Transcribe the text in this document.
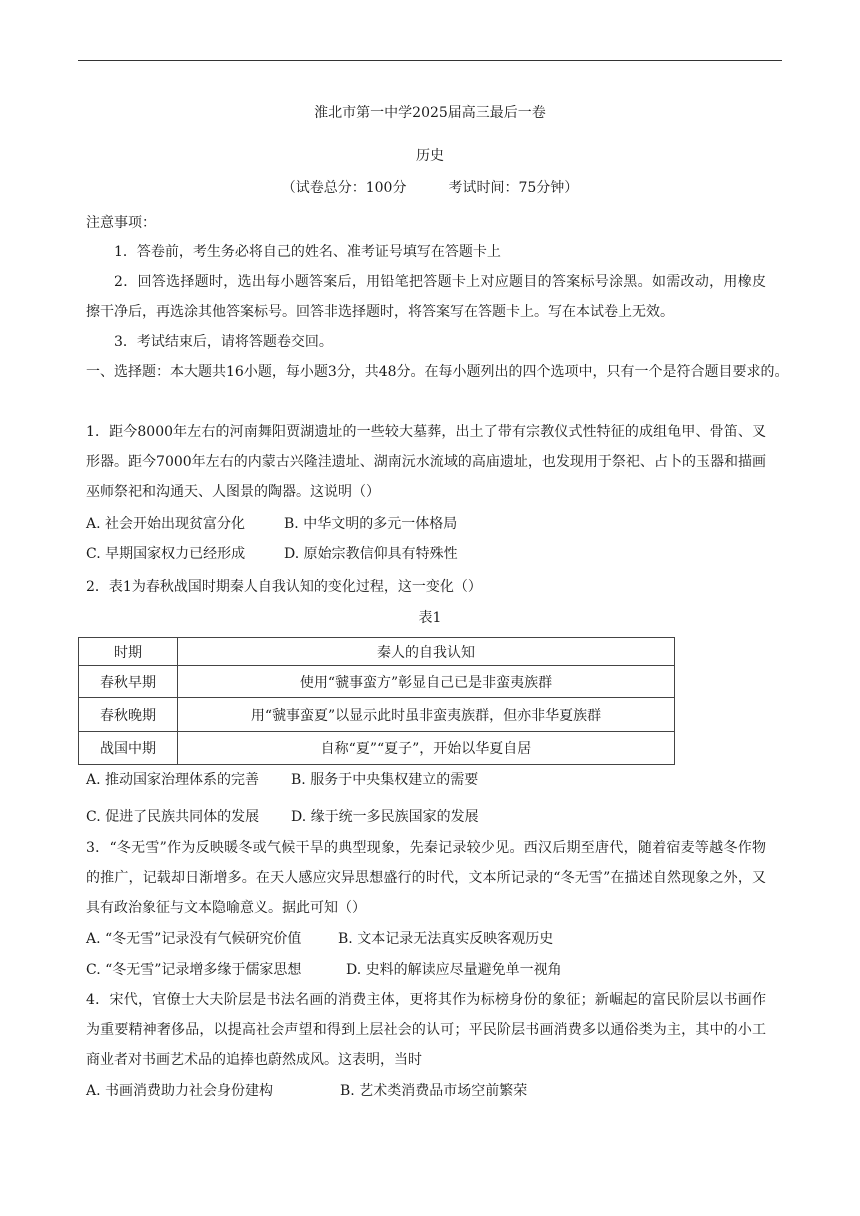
淮北市第一中学2025届高三最后一卷
历史
（试卷总分：100分　　　考试时间：75分钟）
注意事项：
1．答卷前，考生务必将自己的姓名、准考证号填写在答题卡上
2．回答选择题时，选出每小题答案后，用铅笔把答题卡上对应题目的答案标号涂黑。如需改动，用橡皮擦干净后，再选涂其他答案标号。回答非选择题时，将答案写在答题卡上。写在本试卷上无效。
3．考试结束后，请将答题卷交回。
一、选择题：本大题共16小题，每小题3分，共48分。在每小题列出的四个选项中，只有一个是符合题目要求的。
1．距今8000年左右的河南舞阳贾湖遗址的一些较大墓葬，出土了带有宗教仪式性特征的成组龟甲、骨笛、叉形器。距今7000年左右的内蒙古兴隆洼遗址、湖南沅水流域的高庙遗址，也发现用于祭祀、占卜的玉器和描画巫师祭祀和沟通天、人图景的陶器。这说明（）
A. 社会开始出现贫富分化	B. 中华文明的多元一体格局
C. 早期国家权力已经形成	D. 原始宗教信仰具有特殊性
2．表1为春秋战国时期秦人自我认知的变化过程，这一变化（）
表1
时期	秦人的自我认知
春秋早期	使用“虢事蛮方”彰显自己已是非蛮夷族群
春秋晚期	用“虢事蛮夏”以显示此时虽非蛮夷族群，但亦非华夏族群
战国中期	自称“夏”“夏子”，开始以华夏自居
A. 推动国家治理体系的完善 B. 服务于中央集权建立的需要
C. 促进了民族共同体的发展 D. 缘于统一多民族国家的发展
3．“冬无雪”作为反映暖冬或气候干旱的典型现象，先秦记录较少见。西汉后期至唐代，随着宿麦等越冬作物的推广，记载却日渐增多。在天人感应灾异思想盛行的时代，文本所记录的“冬无雪”在描述自然现象之外，又具有政治象征与文本隐喻意义。据此可知（）
A. “冬无雪”记录没有气候研究价值	B. 文本记录无法真实反映客观历史
C. “冬无雪”记录增多缘于儒家思想	D. 史料的解读应尽量避免单一视角
4．宋代，官僚士大夫阶层是书法名画的消费主体，更将其作为标榜身份的象征；新崛起的富民阶层以书画作为重要精神奢侈品，以提高社会声望和得到上层社会的认可；平民阶层书画消费多以通俗类为主，其中的小工商业者对书画艺术品的追捧也蔚然成风。这表明，当时
A. 书画消费助力社会身份建构	B. 艺术类消费品市场空前繁荣
